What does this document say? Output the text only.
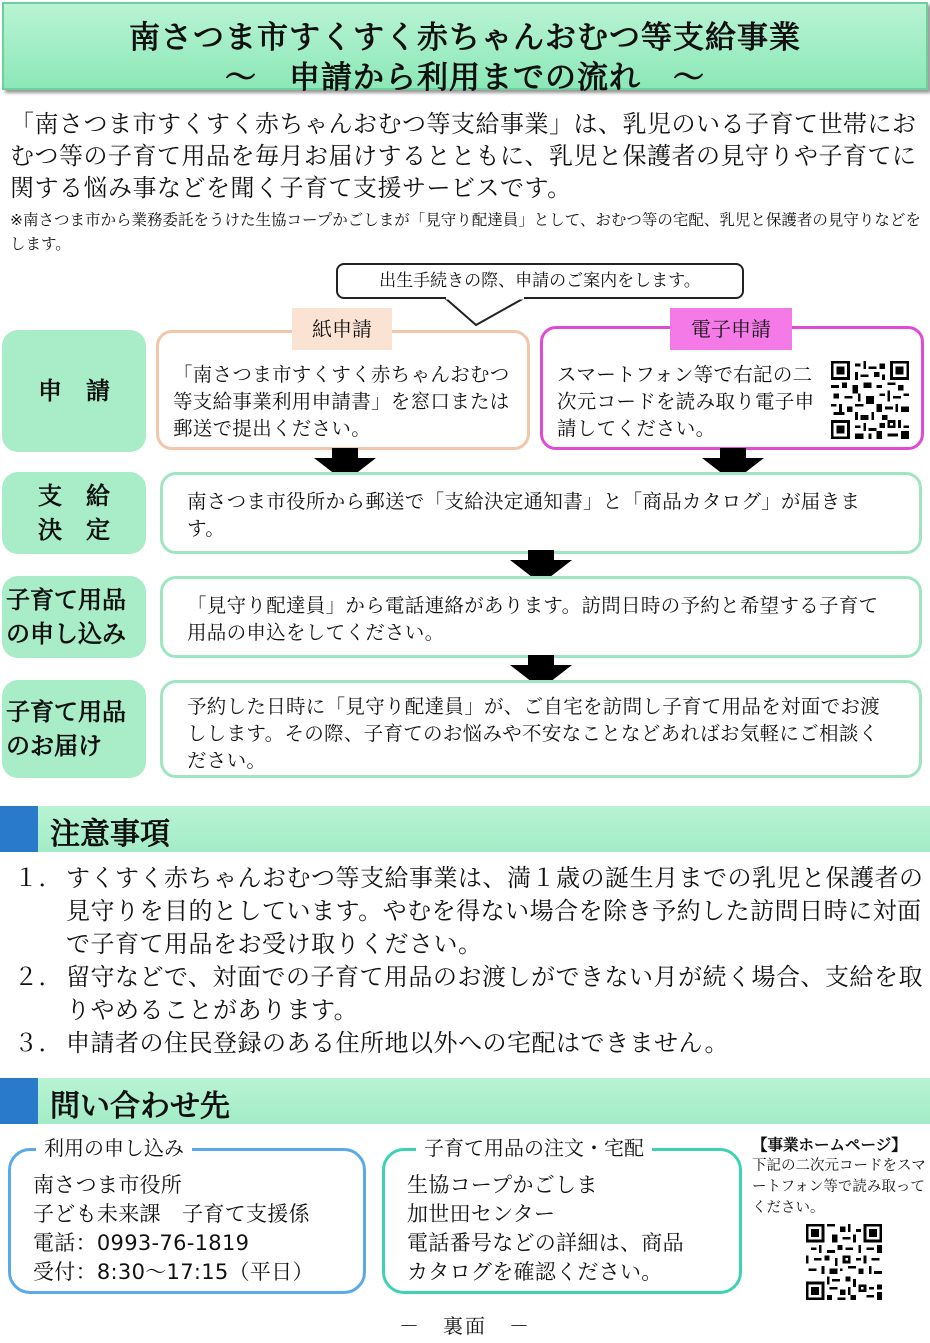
南さつま市すくすく赤ちゃんおむつ等支給事業
～　申請から利用までの流れ　～
「南さつま市すくすく赤ちゃんおむつ等支給事業」は、乳児のいる子育て世帯におむつ等の子育て用品を毎月お届けするとともに、乳児と保護者の見守りや子育てに関する悩み事などを聞く子育て支援サービスです。
※南さつま市から業務委託をうけた生協コープかごしまが「見守り配達員」として、おむつ等の宅配、乳児と保護者の見守りなどをします。
出生手続きの際、申請のご案内をします。
申　請
「南さつま市すくすく赤ちゃんおむつ等支給事業利用申請書」を窓口または郵送で提出ください。
紙申請
スマートフォン等で右記の二次元コードを読み取り電子申請してください。
電子申請
支　給
決　定
南さつま市役所から郵送で「支給決定通知書」と「商品カタログ」が届きます。
子育て用品
の申し込み
「見守り配達員」から電話連絡があります。訪問日時の予約と希望する子育て用品の申込をしてください。
子育て用品
のお届け
予約した日時に「見守り配達員」が、ご自宅を訪問し子育て用品を対面でお渡しします。その際、子育てのお悩みや不安なことなどあればお気軽にご相談ください。
注意事項
１． すくすく赤ちゃんおむつ等支給事業は、満１歳の誕生月までの乳児と保護者の見守りを目的としています。やむを得ない場合を除き予約した訪問日時に対面で子育て用品をお受け取りください。
２． 留守などで、対面での子育て用品のお渡しができない月が続く場合、支給を取りやめることがあります。
３． 申請者の住民登録のある住所地以外への宅配はできません。
問い合わせ先
南さつま市役所
子ども未来課　子育て支援係
電話：0993-76-1819
受付：8:30～17:15（平日）
利用の申し込み
生協コープかごしま
加世田センター
電話番号などの詳細は、商品
カタログを確認ください。
子育て用品の注文・宅配	【事業ホームページ】
下記の二次元コードをスマートフォン等で読み取ってください。
－　裏面　－
